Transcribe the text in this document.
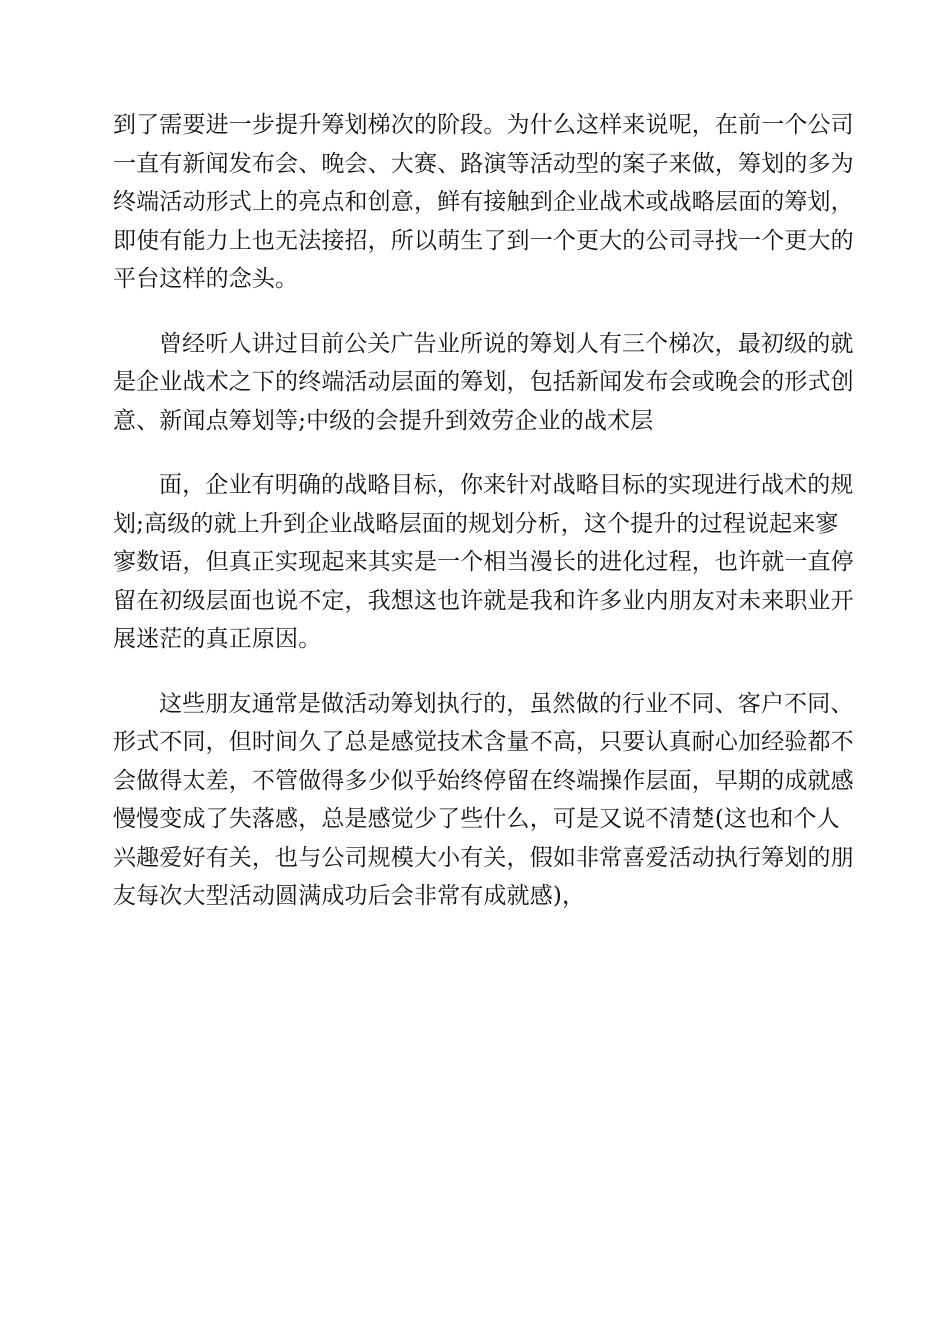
到了需要进一步提升筹划梯次的阶段。为什么这样来说呢，在前一个公司
一直有新闻发布会、晚会、大赛、路演等活动型的案子来做，筹划的多为
终端活动形式上的亮点和创意，鲜有接触到企业战术或战略层面的筹划，
即使有能力上也无法接招，所以萌生了到一个更大的公司寻找一个更大的
平台这样的念头。

曾经听人讲过目前公关广告业所说的筹划人有三个梯次，最初级的就
是企业战术之下的终端活动层面的筹划，包括新闻发布会或晚会的形式创
意、新闻点筹划等;中级的会提升到效劳企业的战术层

面，企业有明确的战略目标，你来针对战略目标的实现进行战术的规
划;高级的就上升到企业战略层面的规划分析，这个提升的过程说起来寥
寥数语，但真正实现起来其实是一个相当漫长的进化过程，也许就一直停
留在初级层面也说不定，我想这也许就是我和许多业内朋友对未来职业开
展迷茫的真正原因。

这些朋友通常是做活动筹划执行的，虽然做的行业不同、客户不同、
形式不同，但时间久了总是感觉技术含量不高，只要认真耐心加经验都不
会做得太差，不管做得多少似乎始终停留在终端操作层面，早期的成就感
慢慢变成了失落感，总是感觉少了些什么，可是又说不清楚(这也和个人
兴趣爱好有关，也与公司规模大小有关，假如非常喜爱活动执行筹划的朋
友每次大型活动圆满成功后会非常有成就感)，
